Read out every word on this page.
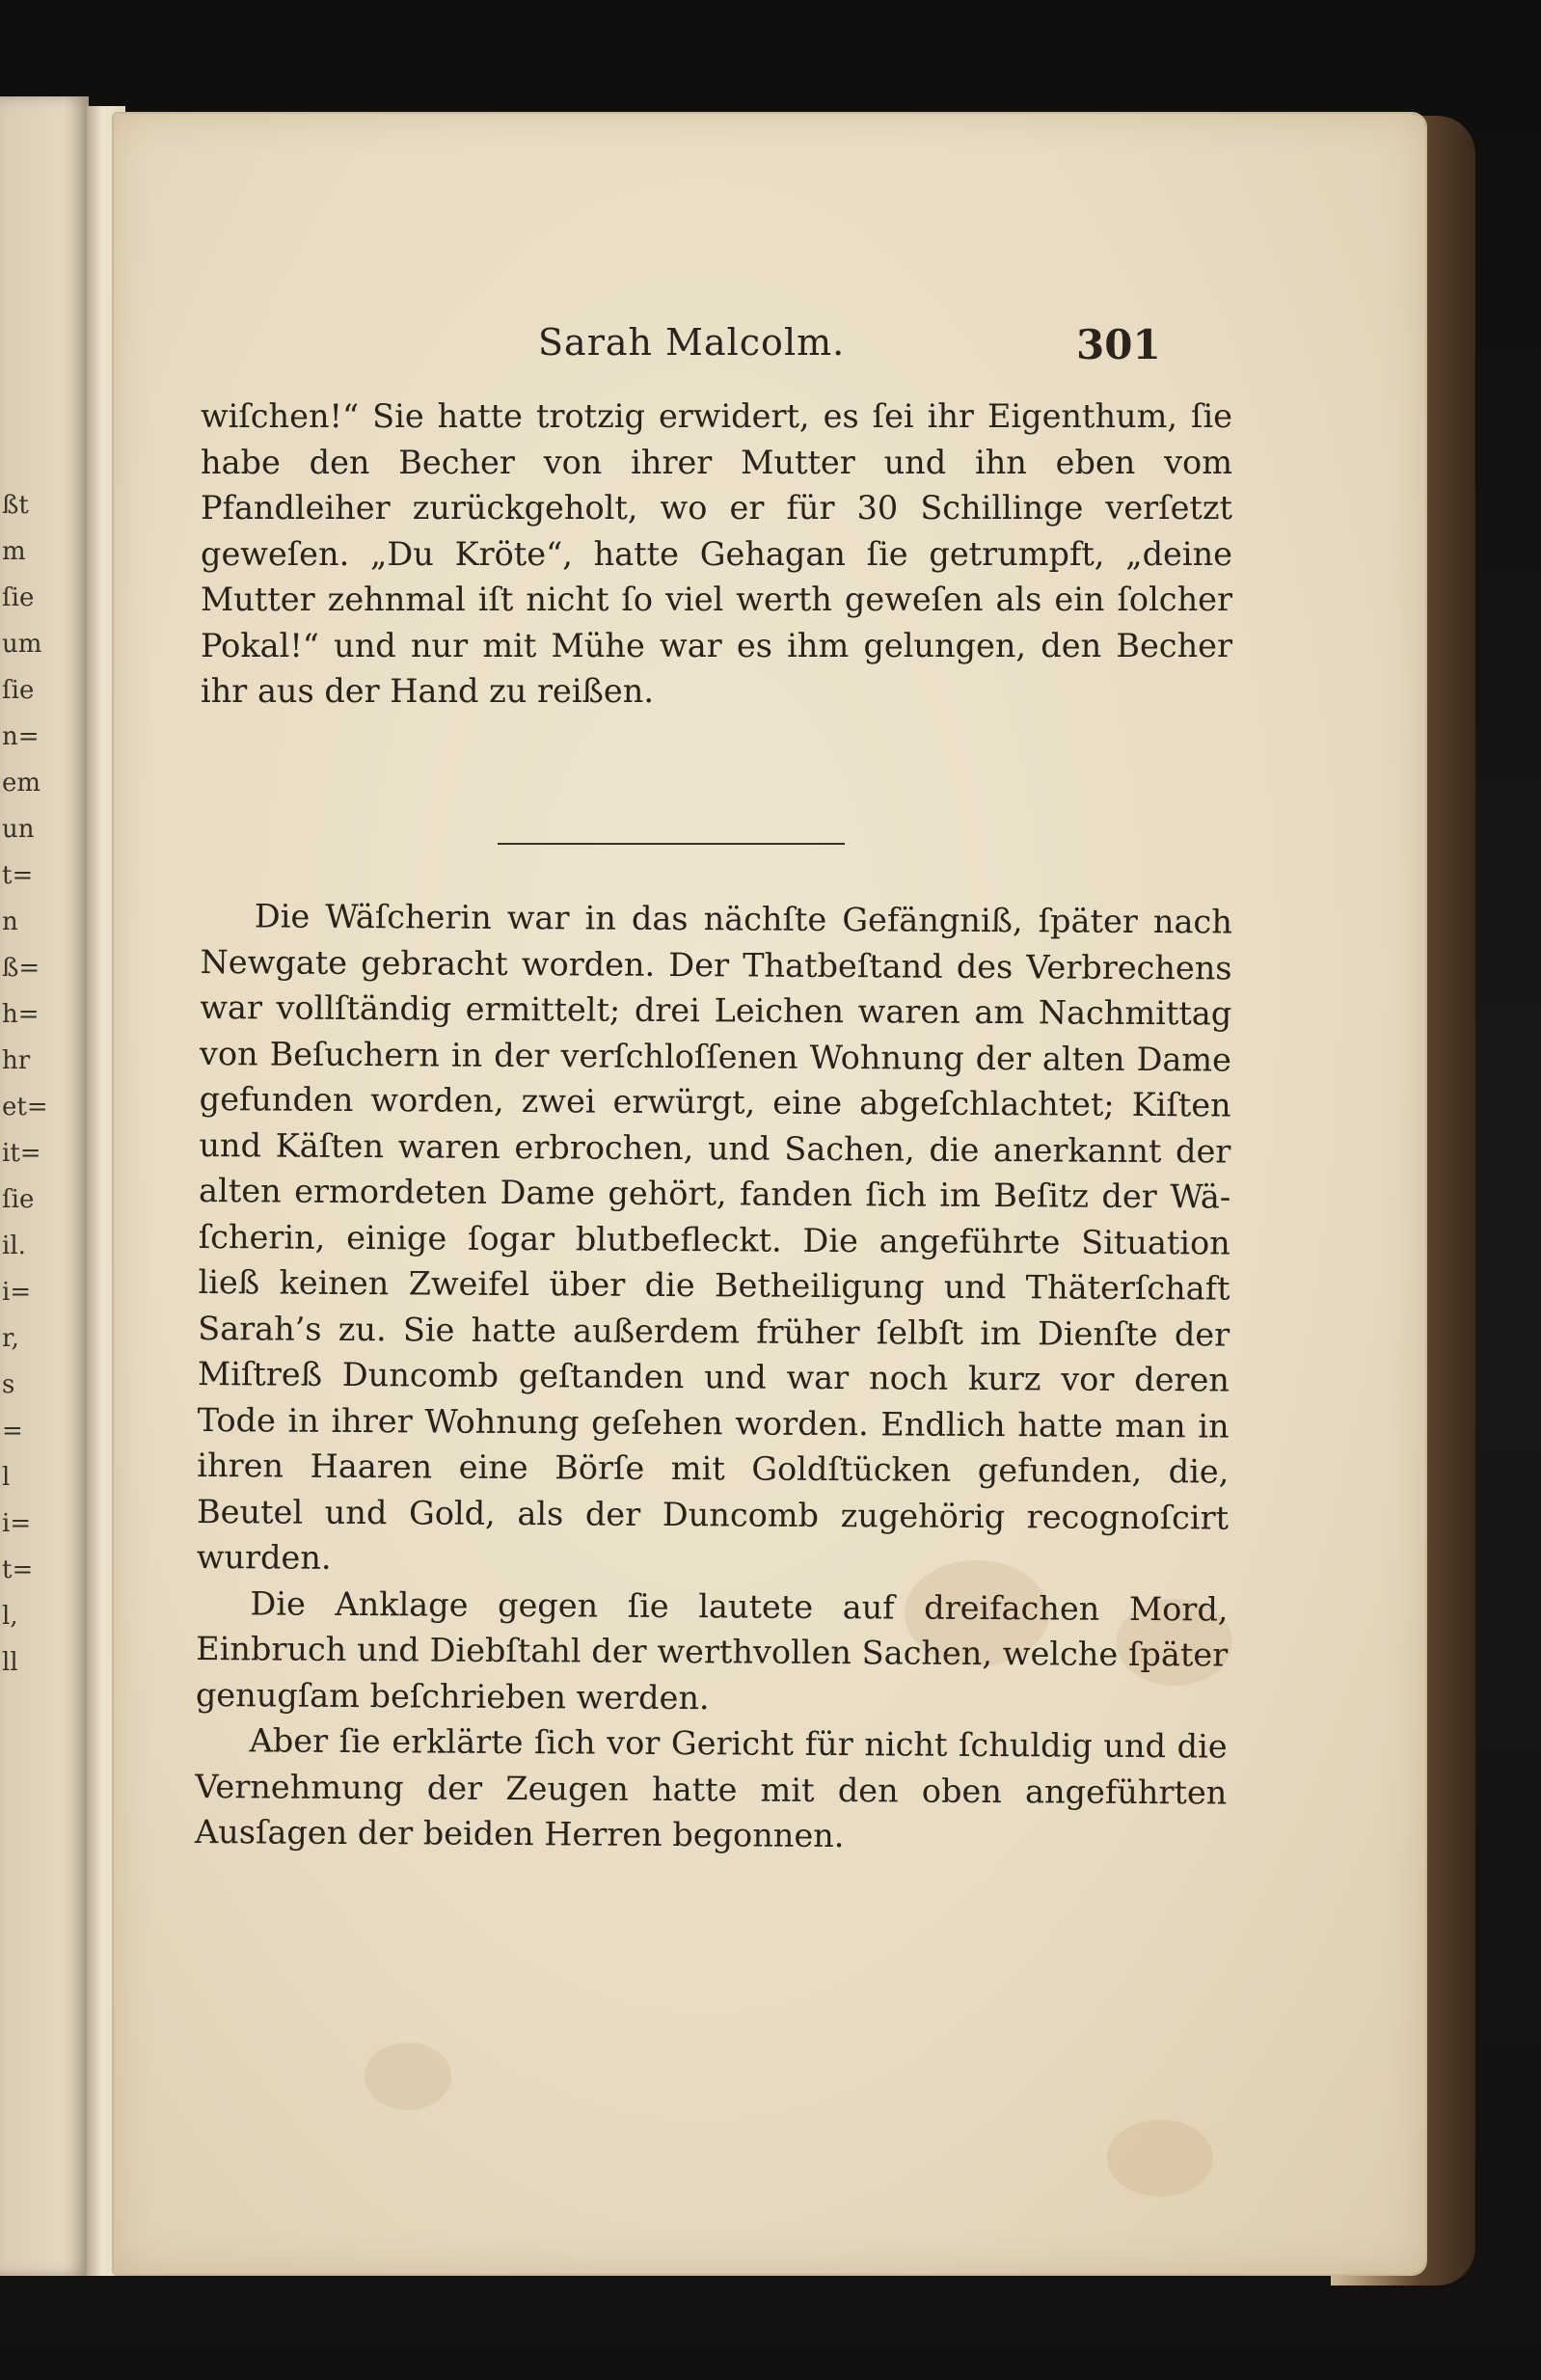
ßt
m
ſie
um
ſie
n=
em
un
t=
n
ß=
h=
hr
et=
it=
ſie
il.
i=
r,
s
=
l
i=
t=
l,
ll
Sarah Malcolm.	301

wiſchen!“ Sie hatte trotzig erwidert, es ſei ihr Eigenthum, ſie habe den Becher von ihrer Mutter und ihn eben vom Pfandleiher zurückgeholt, wo er für 30 Schillinge verſetzt geweſen. „Du Kröte“, hatte Gehagan ſie getrumpft, „deine Mutter zehnmal iſt nicht ſo viel werth geweſen als ein ſolcher Pokal!“ und nur mit Mühe war es ihm gelungen, den Becher ihr aus der Hand zu reißen.

Die Wäſcherin war in das nächſte Gefängniß, ſpäter nach Newgate gebracht worden. Der Thatbeſtand des Verbrechens war vollſtändig ermittelt; drei Leichen waren am Nachmittag von Beſuchern in der verſchloſſenen Wohnung der alten Dame gefunden worden, zwei erwürgt, eine abgeſchlachtet; Kiſten und Käſten waren erbrochen, und Sachen, die anerkannt der alten ermordeten Dame gehört, fanden ſich im Beſitz der Wäſcherin, einige ſogar blutbefleckt. Die angeführte Situation ließ keinen Zweifel über die Betheiligung und Thäterſchaft Sarah’s zu. Sie hatte außerdem früher ſelbſt im Dienſte der Miſtreß Duncomb geſtanden und war noch kurz vor deren Tode in ihrer Wohnung geſehen worden. Endlich hatte man in ihren Haaren eine Börſe mit Goldſtücken gefunden, die, Beutel und Gold, als der Duncomb zugehörig recognoſcirt wurden.

Die Anklage gegen ſie lautete auf dreifachen Mord, Einbruch und Diebſtahl der werthvollen Sachen, welche ſpäter genugſam beſchrieben werden.

Aber ſie erklärte ſich vor Gericht für nicht ſchuldig und die Vernehmung der Zeugen hatte mit den oben angeführten Ausſagen der beiden Herren begonnen.
